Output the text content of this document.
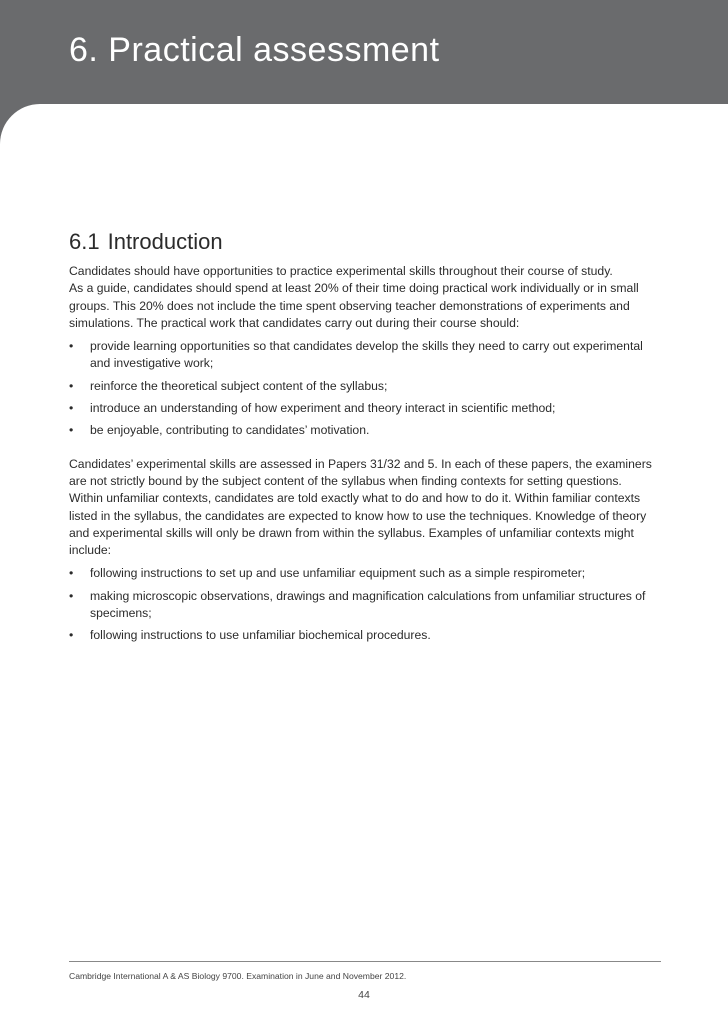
6. Practical assessment
6.1 Introduction

Candidates should have opportunities to practice experimental skills throughout their course of study.

As a guide, candidates should spend at least 20% of their time doing practical work individually or in small

groups. This 20% does not include the time spent observing teacher demonstrations of experiments and

simulations. The practical work that candidates carry out during their course should:

• provide learning opportunities so that candidates develop the skills they need to carry out experimental and investigative work;
• reinforce the theoretical subject content of the syllabus;
• introduce an understanding of how experiment and theory interact in scientific method;
• be enjoyable, contributing to candidates’ motivation.

Candidates’ experimental skills are assessed in Papers 31/32 and 5. In each of these papers, the examiners

are not strictly bound by the subject content of the syllabus when finding contexts for setting questions.

Within unfamiliar contexts, candidates are told exactly what to do and how to do it. Within familiar contexts

listed in the syllabus, the candidates are expected to know how to use the techniques. Knowledge of theory

and experimental skills will only be drawn from within the syllabus. Examples of unfamiliar contexts might

include:

• following instructions to set up and use unfamiliar equipment such as a simple respirometer;
• making microscopic observations, drawings and magnification calculations from unfamiliar structures of specimens;
• following instructions to use unfamiliar biochemical procedures.
Cambridge International A & AS Biology 9700. Examination in June and November 2012.
44
